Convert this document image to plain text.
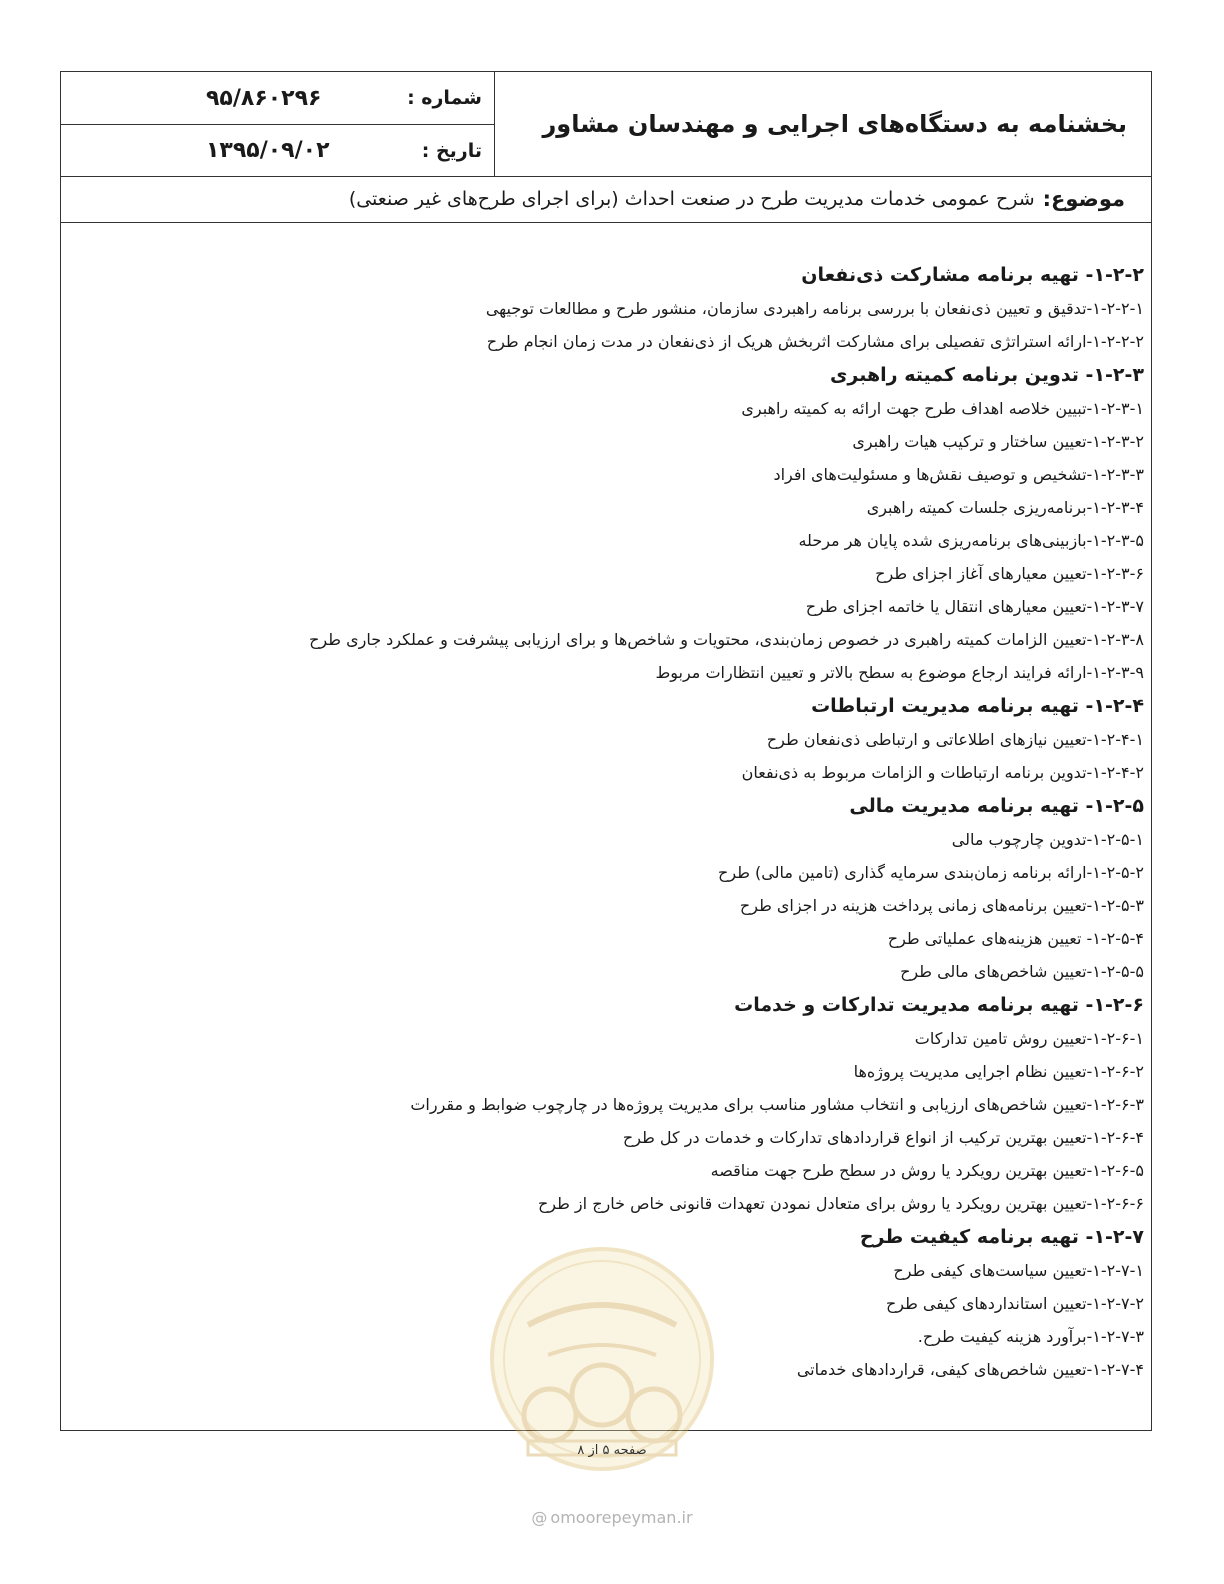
بخشنامه به دستگاه‌های اجرایی و مهندسان مشاور
شماره :
۹۵/۸۶۰۲۹۶
تاریخ :
۱۳۹۵/۰۹/۰۲
موضوع:
شرح عمومی خدمات مدیریت طرح در صنعت احداث (برای اجرای طرح‌های غیر صنعتی)
۱-۲-۲- تهیه برنامه مشارکت ذی‌نفعان
۱-۲-۲-۱-تدقیق و تعیین ذی‌نفعان با بررسی برنامه راهبردی سازمان، منشور طرح و مطالعات توجیهی
۱-۲-۲-۲-ارائه استراتژی تفصیلی برای مشارکت اثربخش هریک از ذی‌نفعان در مدت زمان انجام طرح
۱-۲-۳- تدوین برنامه کمیته راهبری
۱-۲-۳-۱-تبیین خلاصه اهداف طرح جهت ارائه به کمیته راهبری
۱-۲-۳-۲-تعیین ساختار و ترکیب هیات راهبری
۱-۲-۳-۳-تشخیص و توصیف نقش‌ها و مسئولیت‌های افراد
۱-۲-۳-۴-برنامه‌ریزی جلسات کمیته راهبری
۱-۲-۳-۵-بازبینی‌های برنامه‌ریزی شده پایان هر مرحله
۱-۲-۳-۶-تعیین معیارهای آغاز اجزای طرح
۱-۲-۳-۷-تعیین معیارهای انتقال یا خاتمه اجزای طرح
۱-۲-۳-۸-تعیین الزامات کمیته راهبری در خصوص زمان‌بندی، محتویات و شاخص‌ها و برای ارزیابی پیشرفت و عملکرد جاری طرح
۱-۲-۳-۹-ارائه فرایند ارجاع موضوع به سطح بالاتر و تعیین انتظارات مربوط
۱-۲-۴- تهیه برنامه مدیریت ارتباطات
۱-۲-۴-۱-تعیین نیازهای اطلاعاتی و ارتباطی ذی‌نفعان طرح
۱-۲-۴-۲-تدوین برنامه ارتباطات و الزامات مربوط به ذی‌نفعان
۱-۲-۵- تهیه برنامه مدیریت مالی
۱-۲-۵-۱-تدوین چارچوب مالی
۱-۲-۵-۲-ارائه برنامه زمان‌بندی سرمایه گذاری (تامین مالی) طرح
۱-۲-۵-۳-تعیین برنامه‌های زمانی پرداخت هزینه در اجزای طرح
۱-۲-۵-۴- تعیین هزینه‌های عملیاتی طرح
۱-۲-۵-۵-تعیین شاخص‌های مالی طرح
۱-۲-۶- تهیه برنامه مدیریت تدارکات و خدمات
۱-۲-۶-۱-تعیین روش تامین تدارکات
۱-۲-۶-۲-تعیین نظام اجرایی مدیریت پروژه‌ها
۱-۲-۶-۳-تعیین شاخص‌های ارزیابی و انتخاب مشاور مناسب برای مدیریت پروژه‌ها در چارچوب ضوابط و مقررات
۱-۲-۶-۴-تعیین بهترین ترکیب از انواع قراردادهای تدارکات و خدمات در کل طرح
۱-۲-۶-۵-تعیین بهترین رویکرد یا روش در سطح طرح جهت مناقصه
۱-۲-۶-۶-تعیین بهترین رویکرد یا روش برای متعادل نمودن تعهدات قانونی خاص خارج از طرح
۱-۲-۷- تهیه برنامه کیفیت طرح
۱-۲-۷-۱-تعیین سیاست‌های کیفی طرح
۱-۲-۷-۲-تعیین استانداردهای کیفی طرح
۱-۲-۷-۳-برآورد هزینه کیفیت طرح.
۱-۲-۷-۴-تعیین شاخص‌های کیفی، قراردادهای خدماتی
صفحه ۵ از ۸
@ omoorepeyman.ir
